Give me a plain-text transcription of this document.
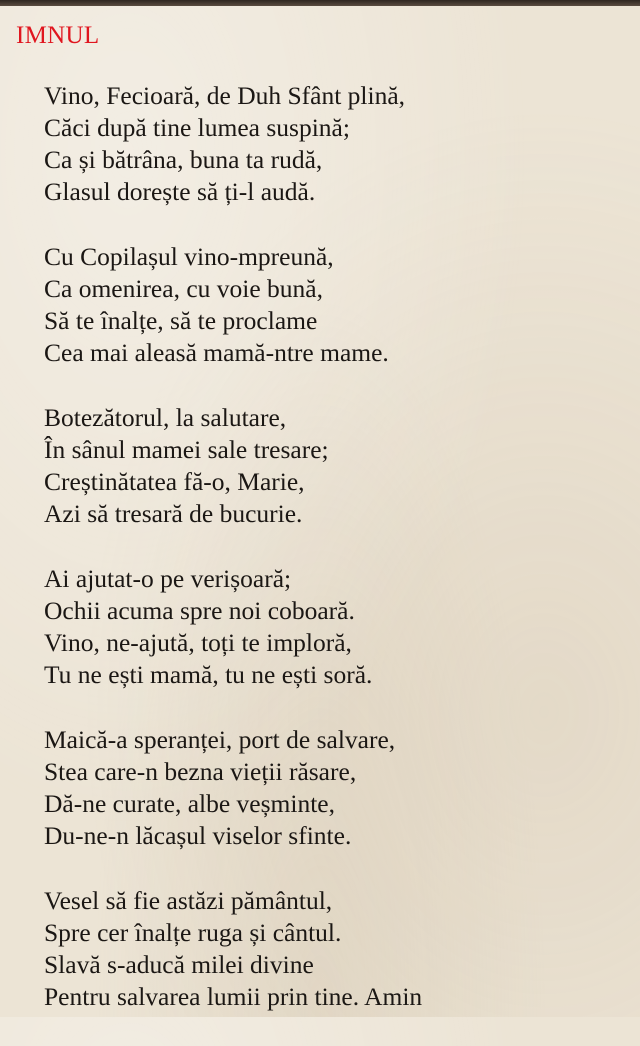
IMNUL
Vino, Fecioară, de Duh Sfânt plină,
Căci după tine lumea suspină;
Ca și bătrâna, buna ta rudă,
Glasul dorește să ți-l audă.
Cu Copilașul vino-mpreună,
Ca omenirea, cu voie bună,
Să te înalțe, să te proclame
Cea mai aleasă mamă-ntre mame.
Botezătorul, la salutare,
În sânul mamei sale tresare;
Creștinătatea fă-o, Marie,
Azi să tresară de bucurie.
Ai ajutat-o pe verișoară;
Ochii acuma spre noi coboară.
Vino, ne-ajută, toți te imploră,
Tu ne ești mamă, tu ne ești soră.
Maică-a speranței, port de salvare,
Stea care-n bezna vieții răsare,
Dă-ne curate, albe veșminte,
Du-ne-n lăcașul viselor sfinte.
Vesel să fie astăzi pământul,
Spre cer înalțe ruga și cântul.
Slavă s-aducă milei divine
Pentru salvarea lumii prin tine. Amin
